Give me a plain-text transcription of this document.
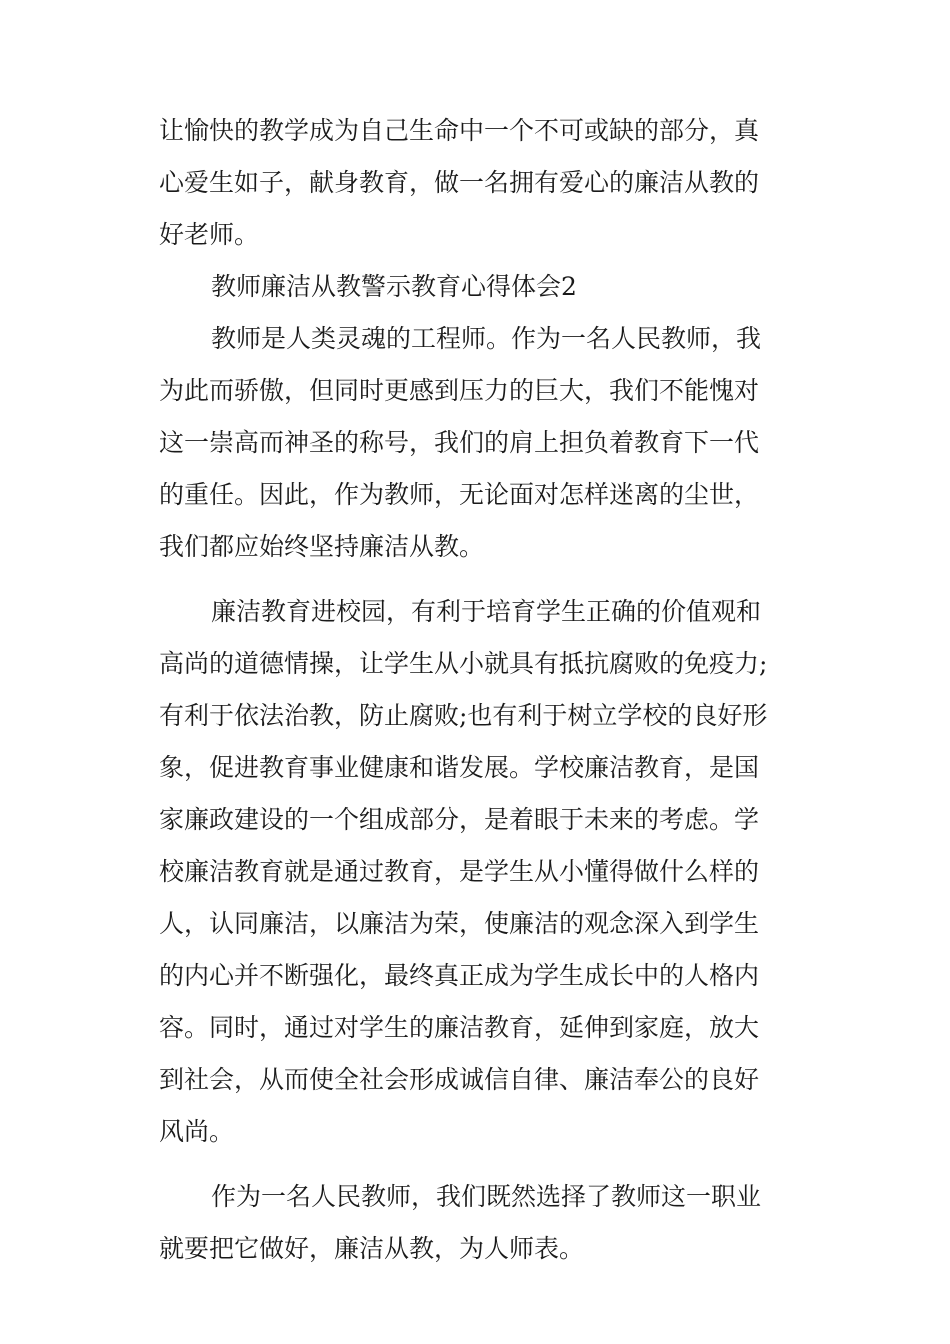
让愉快的教学成为自己生命中一个不可或缺的部分，真
心爱生如子，献身教育，做一名拥有爱心的廉洁从教的
好老师。
教师廉洁从教警示教育心得体会2
教师是人类灵魂的工程师。作为一名人民教师，我
为此而骄傲，但同时更感到压力的巨大，我们不能愧对
这一崇高而神圣的称号，我们的肩上担负着教育下一代
的重任。因此，作为教师，无论面对怎样迷离的尘世，
我们都应始终坚持廉洁从教。
廉洁教育进校园，有利于培育学生正确的价值观和
高尚的道德情操，让学生从小就具有抵抗腐败的免疫力;
有利于依法治教，防止腐败;也有利于树立学校的良好形
象，促进教育事业健康和谐发展。学校廉洁教育，是国
家廉政建设的一个组成部分，是着眼于未来的考虑。学
校廉洁教育就是通过教育，是学生从小懂得做什么样的
人，认同廉洁，以廉洁为荣，使廉洁的观念深入到学生
的内心并不断强化，最终真正成为学生成长中的人格内
容。同时，通过对学生的廉洁教育，延伸到家庭，放大
到社会，从而使全社会形成诚信自律、廉洁奉公的良好
风尚。
作为一名人民教师，我们既然选择了教师这一职业
就要把它做好，廉洁从教，为人师表。
